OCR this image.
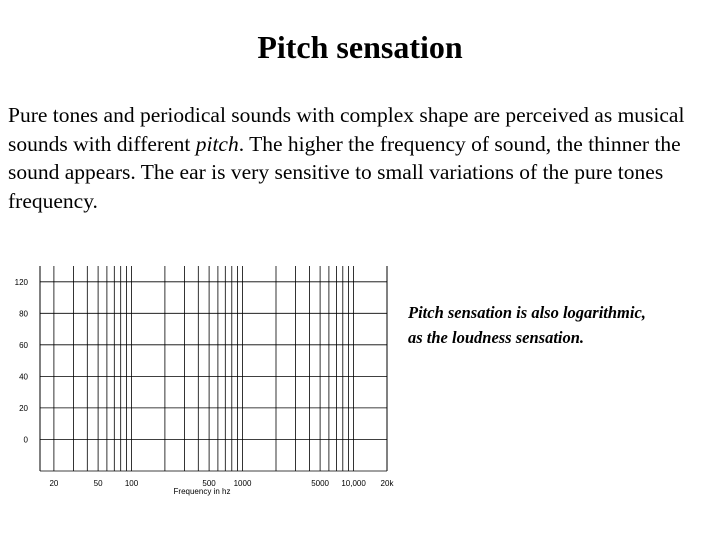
Pitch sensation

Pure tones and periodical sounds with complex shape are perceived as musical sounds with different pitch. The higher the frequency of sound, the thinner the sound appears. The ear is very sensitive to small variations of the pure tones frequency.

120
80
60
40
20
0
20	50	100	500 1000	5000 10,000 20k
Frequency in hz
Pitch sensation is also logarithmic,
as the loudness sensation.
